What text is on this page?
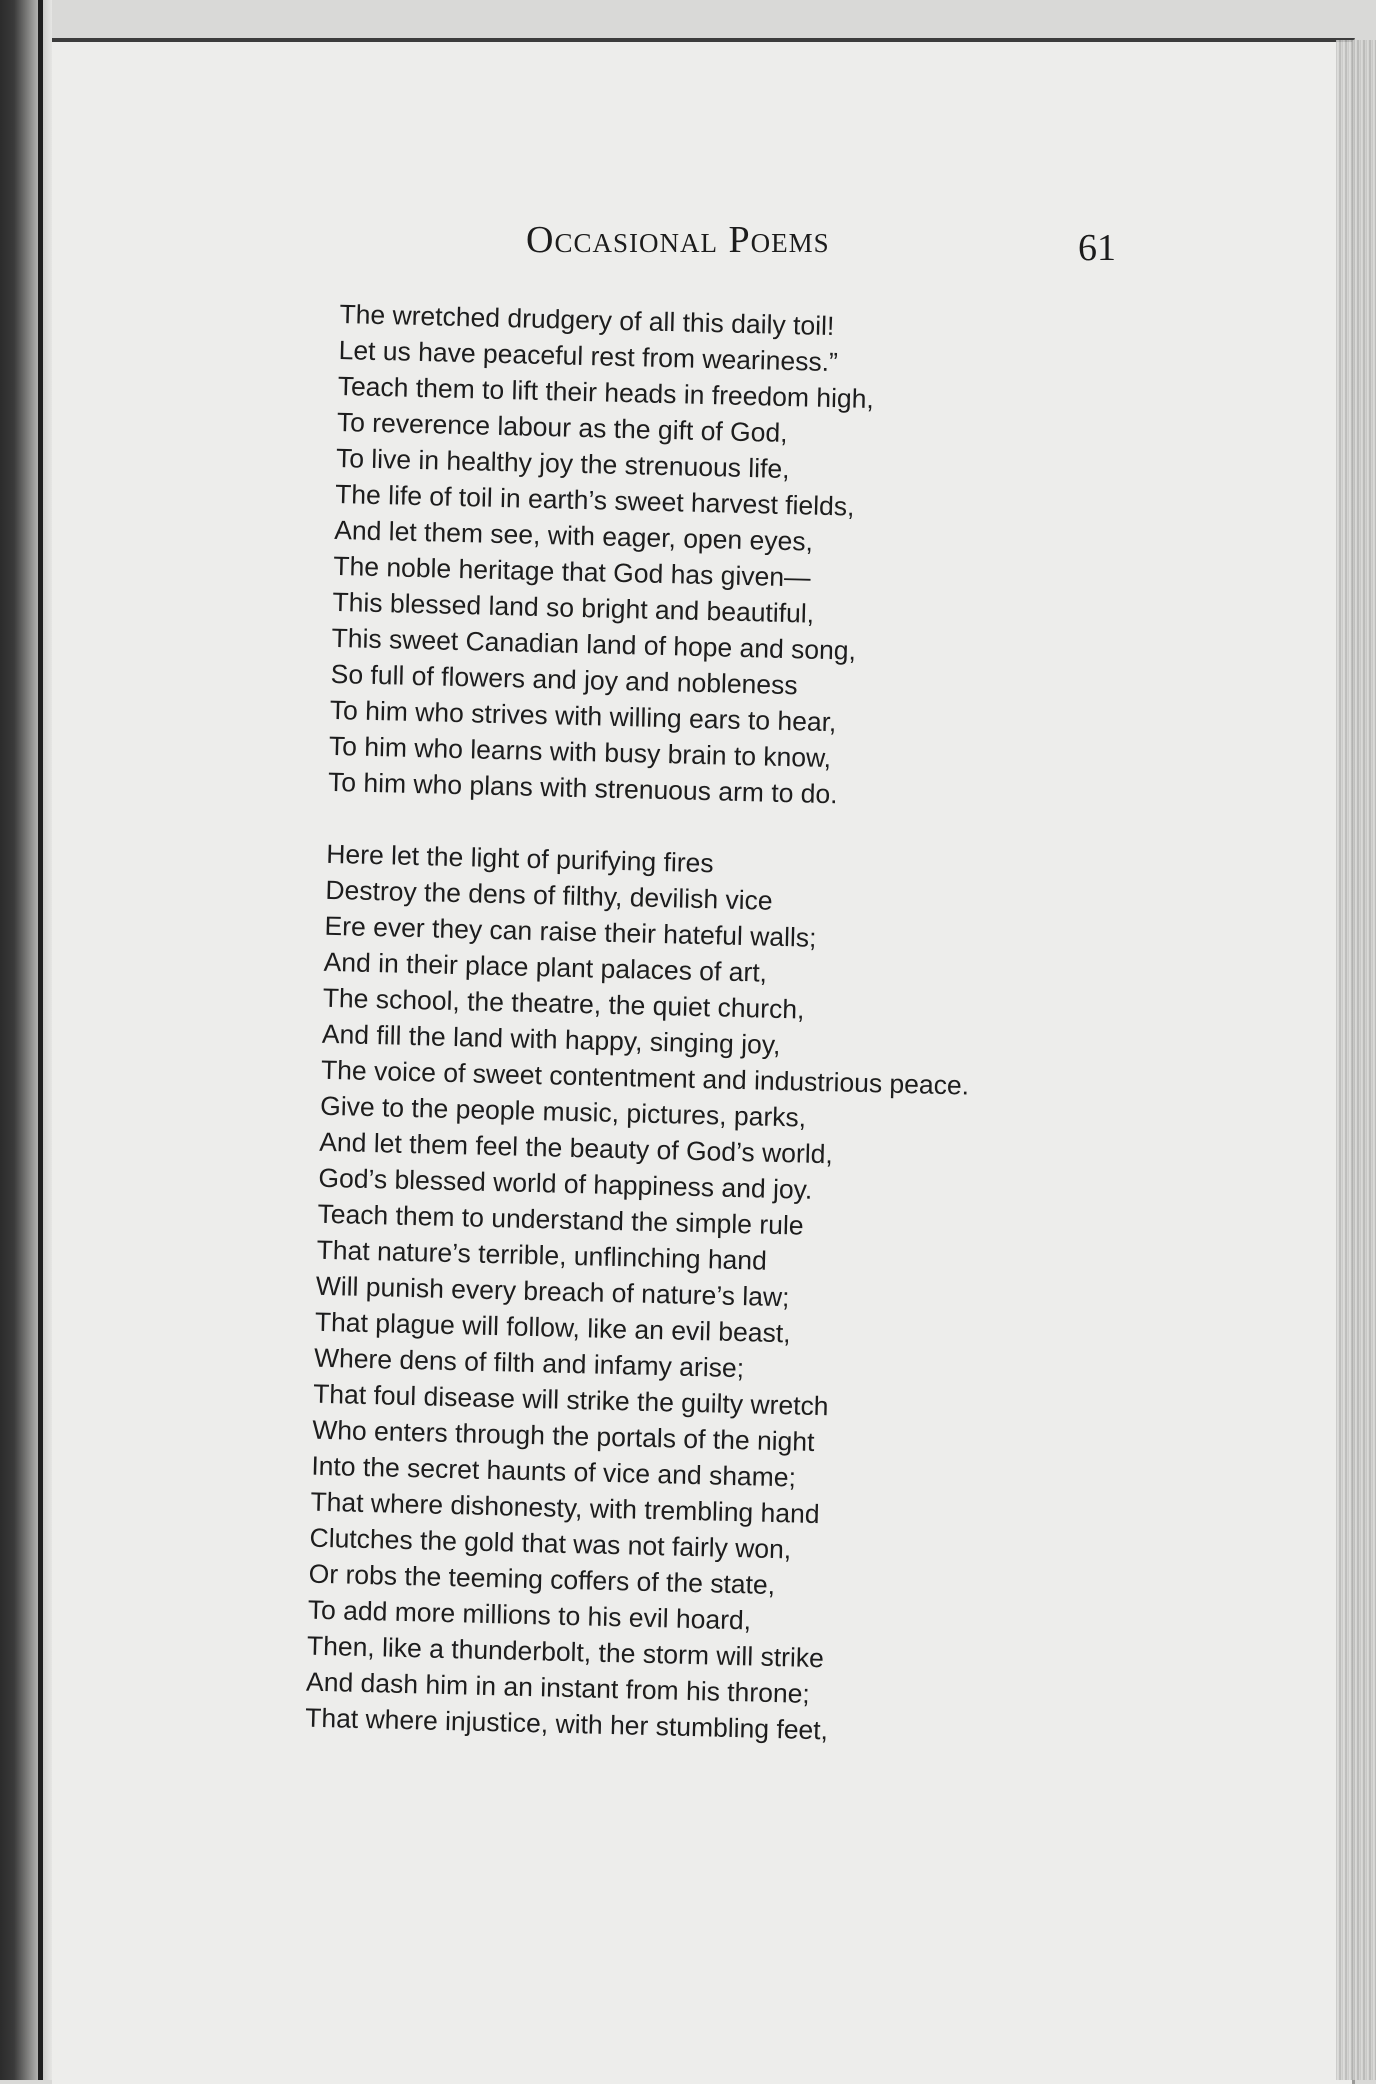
Occasional Poems	61
The wretched drudgery of all this daily toil!
Let us have peaceful rest from weariness.”
Teach them to lift their heads in freedom high,
To reverence labour as the gift of God,
To live in healthy joy the strenuous life,
The life of toil in earth’s sweet harvest fields,
And let them see, with eager, open eyes,
The noble heritage that God has given—
This blessed land so bright and beautiful,
This sweet Canadian land of hope and song,
So full of flowers and joy and nobleness
To him who strives with willing ears to hear,
To him who learns with busy brain to know,
To him who plans with strenuous arm to do.
Here let the light of purifying fires
Destroy the dens of filthy, devilish vice
Ere ever they can raise their hateful walls;
And in their place plant palaces of art,
The school, the theatre, the quiet church,
And fill the land with happy, singing joy,
The voice of sweet contentment and industrious peace.
Give to the people music, pictures, parks,
And let them feel the beauty of God’s world,
God’s blessed world of happiness and joy.
Teach them to understand the simple rule
That nature’s terrible, unflinching hand
Will punish every breach of nature’s law;
That plague will follow, like an evil beast,
Where dens of filth and infamy arise;
That foul disease will strike the guilty wretch
Who enters through the portals of the night
Into the secret haunts of vice and shame;
That where dishonesty, with trembling hand
Clutches the gold that was not fairly won,
Or robs the teeming coffers of the state,
To add more millions to his evil hoard,
Then, like a thunderbolt, the storm will strike
And dash him in an instant from his throne;
That where injustice, with her stumbling feet,
